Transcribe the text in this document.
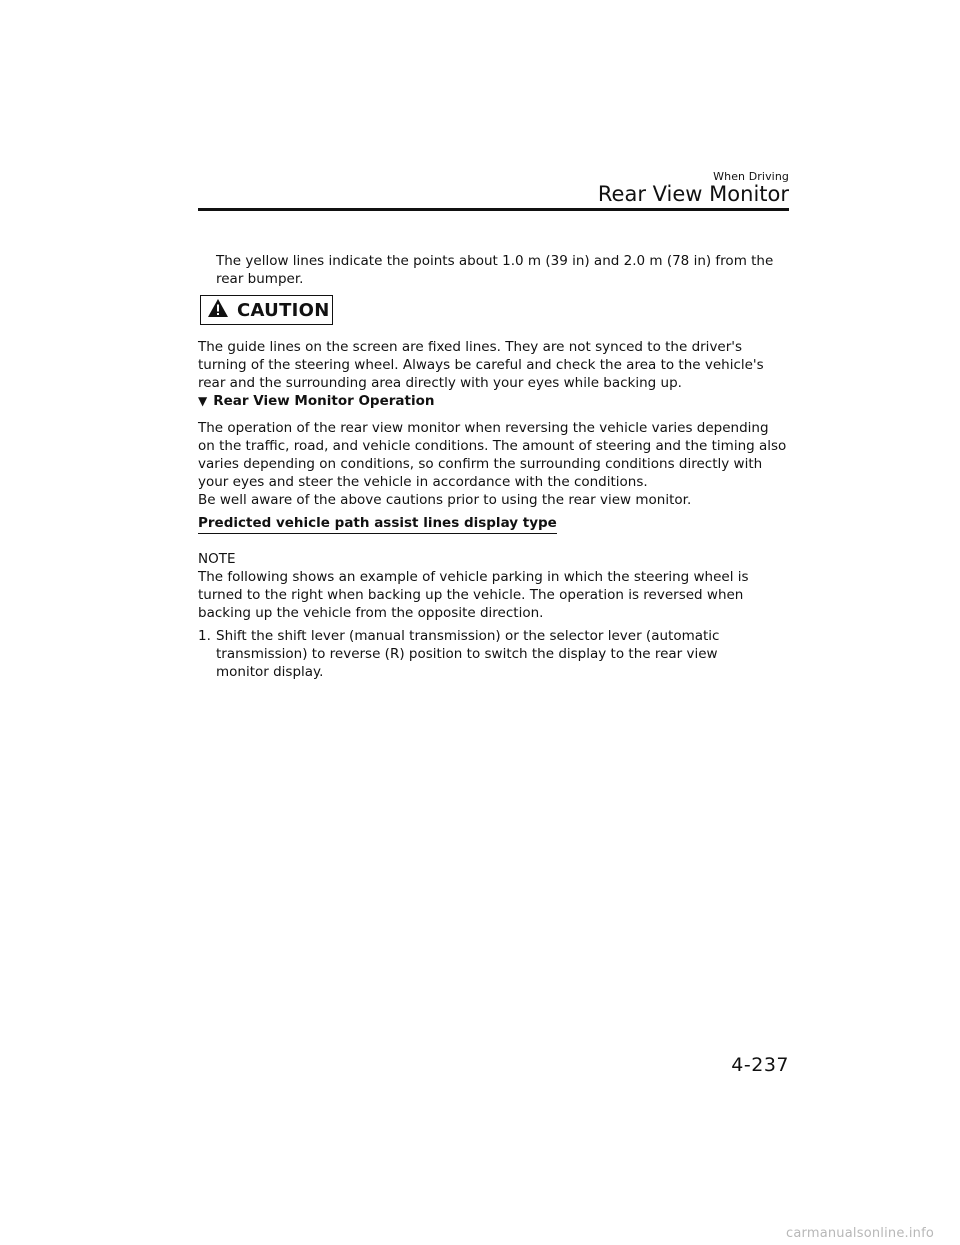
When Driving
Rear View Monitor

The yellow lines indicate the points about 1.0 m (39 in) and 2.0 m (78 in) from the rear bumper.

CAUTION

The guide lines on the screen are fixed lines. They are not synced to the driver's turning of the steering wheel. Always be careful and check the area to the vehicle's rear and the surrounding area directly with your eyes while backing up.

▼ Rear View Monitor Operation

The operation of the rear view monitor when reversing the vehicle varies depending on the traffic, road, and vehicle conditions. The amount of steering and the timing also varies depending on conditions, so confirm the surrounding conditions directly with your eyes and steer the vehicle in accordance with the conditions.

Be well aware of the above cautions prior to using the rear view monitor.

Predicted vehicle path assist lines display type

NOTE

The following shows an example of vehicle parking in which the steering wheel is turned to the right when backing up the vehicle. The operation is reversed when backing up the vehicle from the opposite direction.

1. Shift the shift lever (manual transmission) or the selector lever (automatic transmission) to reverse (R) position to switch the display to the rear view monitor display.
4-237
carmanualsonline.info
